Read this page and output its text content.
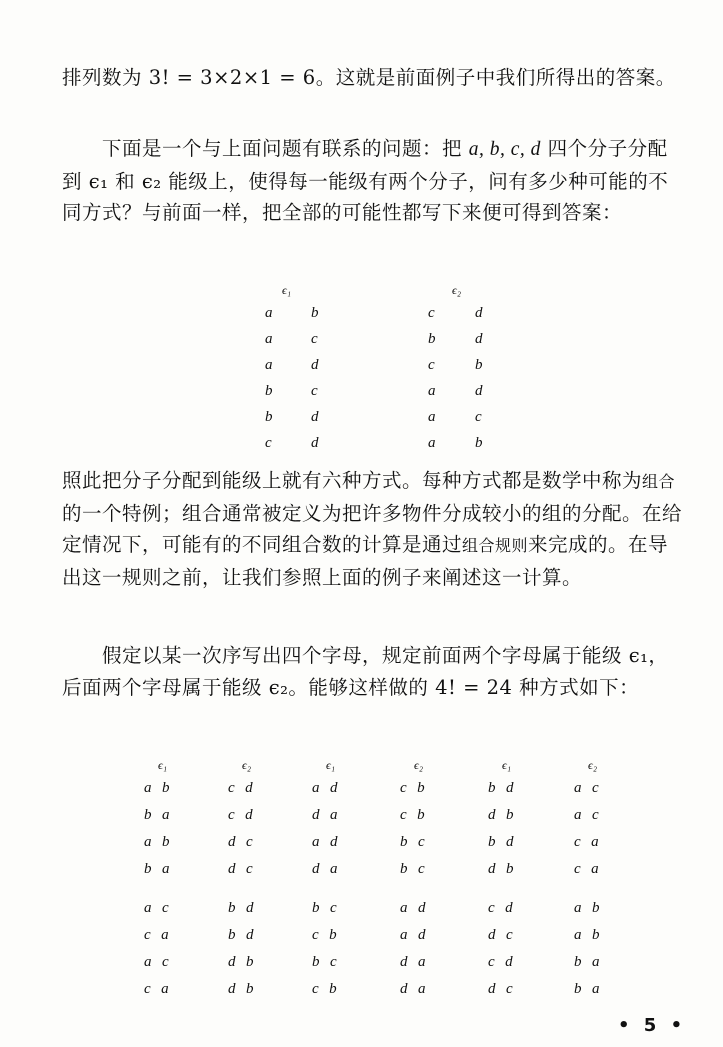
排列数为 3! = 3×2×1 = 6。这就是前面例子中我们所得出的答案。

下面是一个与上面问题有联系的问题：把 a, b, c, d 四个分子分配到 ϵ₁ 和 ϵ₂ 能级上，使得每一能级有两个分子，问有多少种可能的不同方式？与前面一样，把全部的可能性都写下来便可得到答案：

ϵ₁	ϵ₂
a	b	c	d
a	c	b	d
a	d	c	b
b	c	a	d
b	d	a	c
c	d	a	b

照此把分子分配到能级上就有六种方式。每种方式都是数学中称为组合的一个特例；组合通常被定义为把许多物件分成较小的组的分配。在给定情况下，可能有的不同组合数的计算是通过组合规则来完成的。在导出这一规则之前，让我们参照上面的例子来阐述这一计算。

假定以某一次序写出四个字母，规定前面两个字母属于能级 ϵ₁，后面两个字母属于能级 ϵ₂。能够这样做的 4! = 24 种方式如下：

ϵ₁	ϵ₂	ϵ₁	ϵ₂	ϵ₁	ϵ₂
a  b	c  d	a  d	c  b	b  d	a  c
b  a	c  d	d  a	c  b	d  b	a  c
a  b	d  c	a  d	b  c	b  d	c  a
b  a	d  c	d  a	b  c	d  b	c  a
a  c	b  d	b  c	a  d	c  d	a  b
c  a	b  d	c  b	a  d	d  c	a  b
a  c	d  b	b  c	d  a	c  d	b  a
c  a	d  b	c  b	d  a	d  c	b  a
• 5 •
